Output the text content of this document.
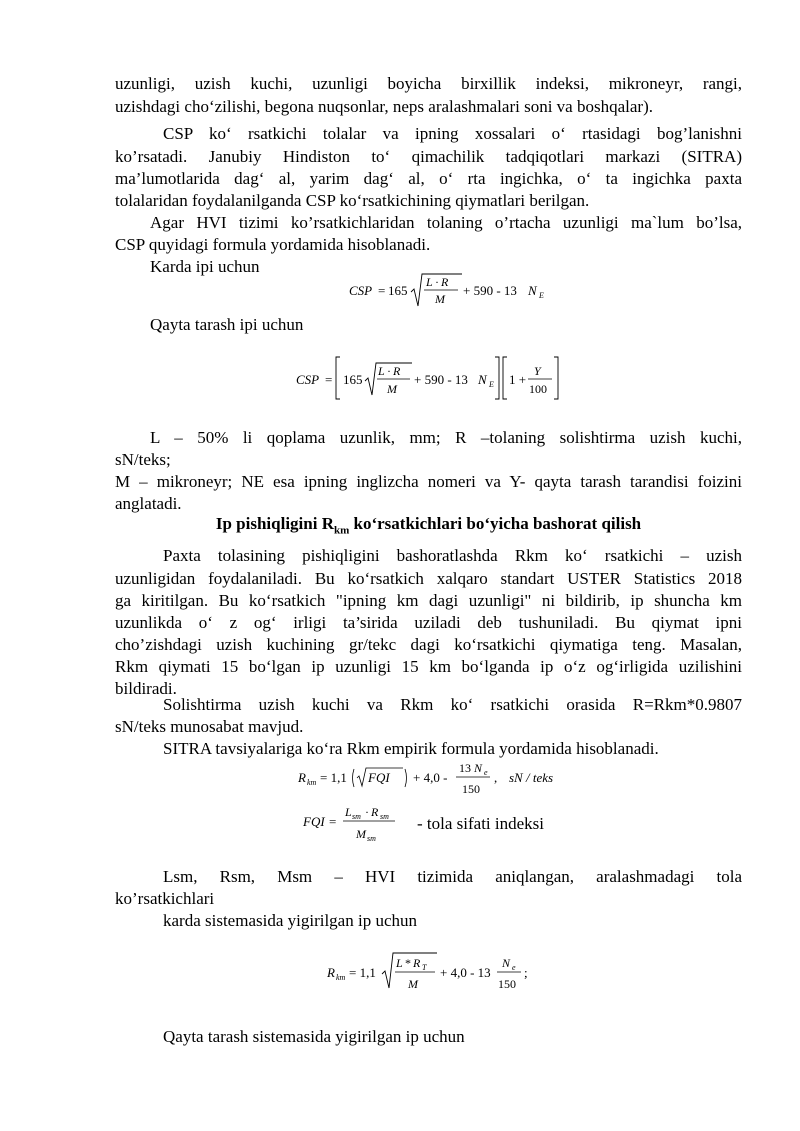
uzunligi, uzish kuchi, uzunligi boyicha birxillik indeksi, mikroneyr, rangi,
uzishdagi cho‘zilishi, begona nuqsonlar, neps aralashmalari soni va boshqalar).
CSP ko‘ rsatkichi tolalar va ipning xossalari o‘ rtasidagi bog’lanishni
ko’rsatadi. Janubiy Hindiston to‘ qimachilik tadqiqotlari markazi (SITRA)
ma’lumotlarida dag‘ al, yarim dag‘ al, o‘ rta ingichka, o‘ ta ingichka paxta
tolalaridan foydalanilganda CSP ko‘rsatkichining qiymatlari berilgan.
Agar HVI tizimi ko’rsatkichlaridan tolaning o’rtacha uzunligi ma`lum bo’lsa,
CSP quyidagi formula yordamida hisoblanadi.
Karda ipi uchun
CSP = 165
L · R
M
+ 590 - 13 N E
Qayta tarash ipi uchun
CSP = 165
L · R
M
+ 590 - 13 N E 1 +
Y
100
L – 50% li qoplama uzunlik, mm; R –tolaning solishtirma uzish kuchi,
sN/teks;
M – mikroneyr; NE esa ipning inglizcha nomeri va Y- qayta tarash tarandisi foizini
anglatadi.
Ip pishiqligini $R_{km}$ ko‘rsatkichlari bo‘yicha bashorat qilish
Paxta tolasining pishiqligini bashoratlashda Rkm ko‘ rsatkichi – uzish
uzunligidan foydalaniladi. Bu ko‘rsatkich xalqaro standart USTER Statistics 2018
ga kiritilgan. Bu ko‘rsatkich "ipning km dagi uzunligi" ni bildirib, ip shuncha km
uzunlikda o‘ z og‘ irligi ta’sirida uziladi deb tushuniladi. Bu qiymat ipni
cho’zishdagi uzish kuchining gr/tekc dagi ko‘rsatkichi qiymatiga teng. Masalan,
Rkm qiymati 15 bo‘lgan ip uzunligi 15 km bo‘lganda ip o‘z og‘irligida uzilishini
bildiradi.
Solishtirma uzish kuchi va Rkm ko‘ rsatkichi orasida R=Rkm*0.9807
sN/teks munosabat mavjud.
SITRA tavsiyalariga ko‘ra Rkm empirik formula yordamida hisoblanadi.
R km = 1,1 FQI + 4,0 -
13 N e
150
, sN / teks
FQI =
L sm · R sm
M sm
- tola sifati indeksi
Lsm, Rsm, Msm – HVI tizimida aniqlangan, aralashmadagi tola
ko’rsatkichlari
karda sistemasida yigirilgan ip uchun
R km = 1,1
L * R T
M
+ 4,0 - 13
N e
150
;
Qayta tarash sistemasida yigirilgan ip uchun
